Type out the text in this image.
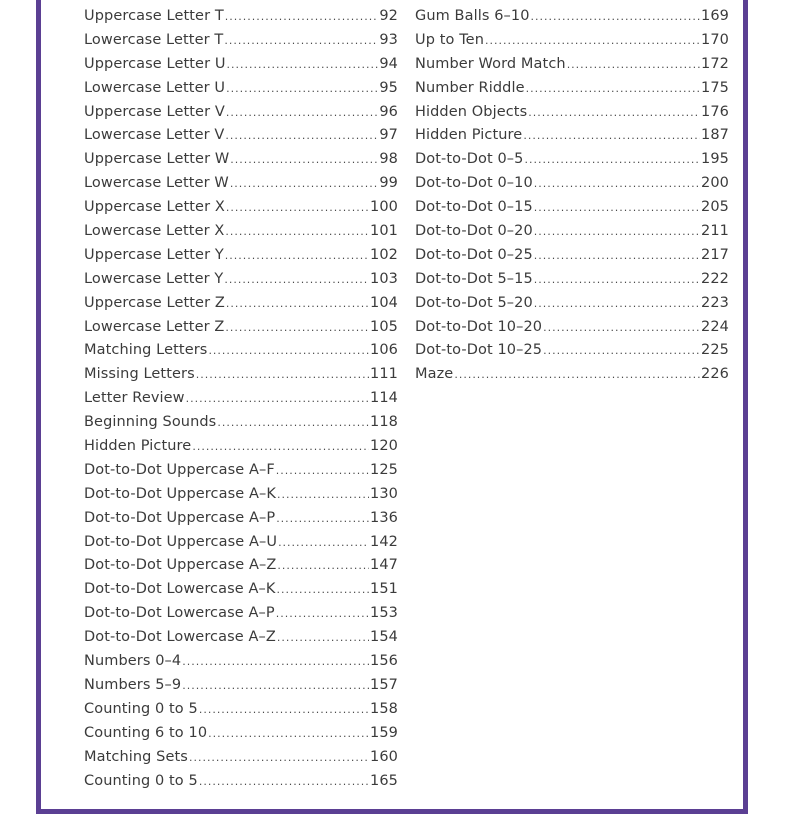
Uppercase Letter T .....	92
Lowercase Letter T .....	93
Uppercase Letter U .....	94
Lowercase Letter U .....	95
Uppercase Letter V .....	96
Lowercase Letter V .....	97
Uppercase Letter W .....	98
Lowercase Letter W .....	99
Uppercase Letter X .....	100
Lowercase Letter X .....	101
Uppercase Letter Y .....	102
Lowercase Letter Y .....	103
Uppercase Letter Z .....	104
Lowercase Letter Z .....	105
Matching Letters .....	106
Missing Letters .....	111
Letter Review .....	114
Beginning Sounds .....	118
Hidden Picture .....	120
Dot-to-Dot Uppercase A–F .....	125
Dot-to-Dot Uppercase A–K .....	130
Dot-to-Dot Uppercase A–P .....	136
Dot-to-Dot Uppercase A–U .....	142
Dot-to-Dot Uppercase A–Z .....	147
Dot-to-Dot Lowercase A–K .....	151
Dot-to-Dot Lowercase A–P .....	153
Dot-to-Dot Lowercase A–Z .....	154
Numbers 0–4 .....	156
Numbers 5–9 .....	157
Counting 0 to 5 .....	158
Counting 6 to 10 .....	159
Matching Sets .....	160
Counting 0 to 5 .....	165
Gum Balls 6–10 .....	169
Up to Ten .....	170
Number Word Match .....	172
Number Riddle .....	175
Hidden Objects .....	176
Hidden Picture .....	187
Dot-to-Dot 0–5 .....	195
Dot-to-Dot 0–10 .....	200
Dot-to-Dot 0–15 .....	205
Dot-to-Dot 0–20 .....	211
Dot-to-Dot 0–25 .....	217
Dot-to-Dot 5–15 .....	222
Dot-to-Dot 5–20 .....	223
Dot-to-Dot 10–20 .....	224
Dot-to-Dot 10–25 .....	225
Maze .....	226
